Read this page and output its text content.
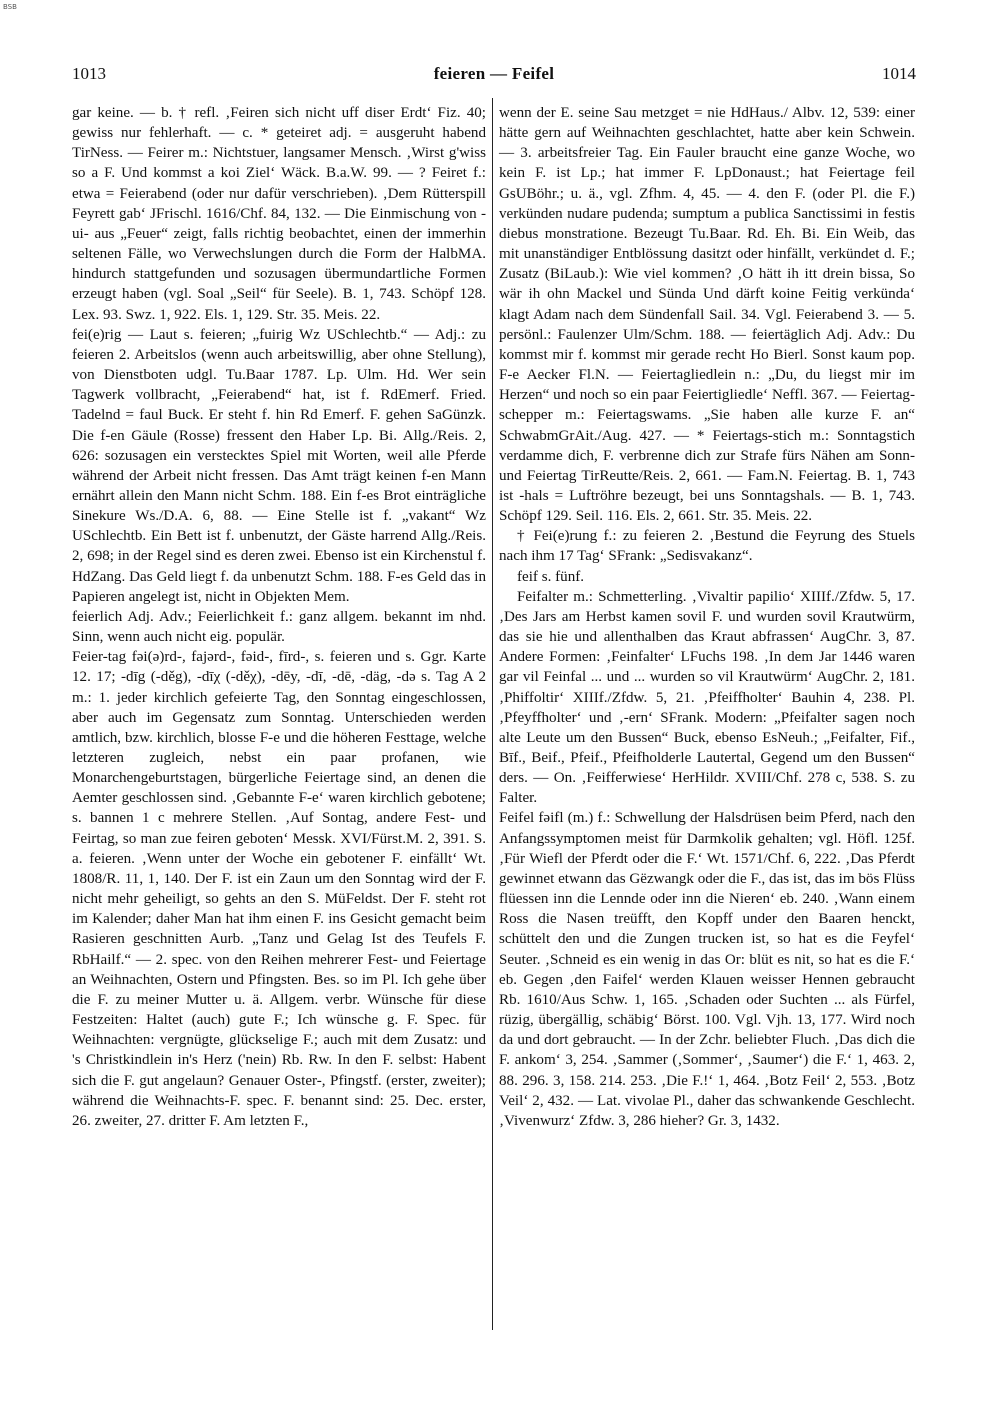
BSB
1013	feieren — Feifel	1014

gar keine. — b. † refl. ‚Feiren sich nicht uff diser Erdt‘ Fiz. 40; gewiss nur fehlerhaft. — c. * geteiret adj. = ausgeruht habend TirNess. — Feirer m.: Nichtstuer, langsamer Mensch. ‚Wirst g'wiss so a F. Und kommst a koi Ziel‘ Wäck. B.a.W. 99. — ? Feiret f.: etwa = Feierabend (oder nur dafür verschrieben). ‚Dem Rütterspill Feyrett gab‘ JFrischl. 1616/Chf. 84, 132. — Die Einmischung von -ui- aus „Feuer“ zeigt, falls richtig beobachtet, einen der immerhin seltenen Fälle, wo Verwechslungen durch die Form der HalbMA. hindurch stattgefunden und sozusagen übermundartliche Formen erzeugt haben (vgl. Soal „Seil“ für Seele). B. 1, 743. Schöpf 128. Lex. 93. Swz. 1, 922. Els. 1, 129. Str. 35. Meis. 22.

fei(e)rig — Laut s. feieren; „fuirig Wz USchlechtb.“ — Adj.: zu feieren 2. Arbeitslos (wenn auch arbeitswillig, aber ohne Stellung), von Dienstboten udgl. Tu.Baar 1787. Lp. Ulm. Hd. Wer sein Tagwerk vollbracht, „Feierabend“ hat, ist f. RdEmerf. Fried. Tadelnd = faul Buck. Er steht f. hin Rd Emerf. F. gehen SaGünzk. Die f-en Gäule (Rosse) fressent den Haber Lp. Bi. Allg./Reis. 2, 626: sozusagen ein verstecktes Spiel mit Worten, weil alle Pferde während der Arbeit nicht fressen. Das Amt trägt keinen f-en Mann ernährt allein den Mann nicht Schm. 188. Ein f-es Brot einträgliche Sinekure Ws./D.A. 6, 88. — Eine Stelle ist f. „vakant“ Wz USchlechtb. Ein Bett ist f. unbenutzt, der Gäste harrend Allg./Reis. 2, 698; in der Regel sind es deren zwei. Ebenso ist ein Kirchenstul f. HdZang. Das Geld liegt f. da unbenutzt Schm. 188. F-es Geld das in Papieren angelegt ist, nicht in Objekten Mem.

feierlich Adj. Adv.; Feierlichkeit f.: ganz allgem. bekannt im nhd. Sinn, wenn auch nicht eig. populär.

Feier-tag fəi(ə)rd-, fajərd-, fəid-, fīrd-, s. feieren und s. Ggr. Karte 12. 17; -dīg (-děg), -dīχ (-děχ), -dēy, -dī, -dē, -däg, -də s. Tag A 2 m.: 1. jeder kirchlich gefeierte Tag, den Sonntag eingeschlossen, aber auch im Gegensatz zum Sonntag. Unterschieden werden amtlich, bzw. kirchlich, blosse F-e und die höheren Festtage, welche letzteren zugleich, nebst ein paar profanen, wie Monarchengeburtstagen, bürgerliche Feiertage sind, an denen die Aemter geschlossen sind. ‚Gebannte F-e‘ waren kirchlich gebotene; s. bannen 1 c mehrere Stellen. ‚Auf Sontag, andere Fest- und Feirtag, so man zue feiren geboten‘ Messk. XVI/Fürst.M. 2, 391. S. a. feieren. ‚Wenn unter der Woche ein gebotener F. einfällt‘ Wt. 1808/R. 11, 1, 140. Der F. ist ein Zaun um den Sonntag wird der F. nicht mehr geheiligt, so gehts an den S. MüFeldst. Der F. steht rot im Kalender; daher Man hat ihm einen F. ins Gesicht gemacht beim Rasieren geschnitten Aurb. „Tanz und Gelag Ist des Teufels F. RbHailf.“ — 2. spec. von den Reihen mehrerer Fest- und Feiertage an Weihnachten, Ostern und Pfingsten. Bes. so im Pl. Ich gehe über die F. zu meiner Mutter u. ä. Allgem. verbr. Wünsche für diese Festzeiten: Haltet (auch) gute F.; Ich wünsche g. F. Spec. für Weihnachten: vergnügte, glückselige F.; auch mit dem Zusatz: und 's Christkindlein in's Herz ('nein) Rb. Rw. In den F. selbst: Habent sich die F. gut angelaun? Genauer Oster-, Pfingstf. (erster, zweiter); während die Weihnachts-F. spec. F. benannt sind: 25. Dec. erster, 26. zweiter, 27. dritter F. Am letzten F.,

wenn der E. seine Sau metzget = nie HdHaus./ Albv. 12, 539: einer hätte gern auf Weihnachten geschlachtet, hatte aber kein Schwein. — 3. arbeitsfreier Tag. Ein Fauler braucht eine ganze Woche, wo kein F. ist Lp.; hat immer F. LpDonaust.; hat Feiertage feil GsUBöhr.; u. ä., vgl. Zfhm. 4, 45. — 4. den F. (oder Pl. die F.) verkünden nudare pudenda; sumptum a publica Sanctissimi in festis diebus monstratione. Bezeugt Tu.Baar. Rd. Eh. Bi. Ein Weib, das mit unanständiger Entblössung dasitzt oder hinfällt, verkündet d. F.; Zusatz (BiLaub.): Wie viel kommen? ‚O hätt ih itt drein bissa, So wär ih ohn Mackel und Sünda Und därft koine Feitig verkünda‘ klagt Adam nach dem Sündenfall Sail. 34. Vgl. Feierabend 3. — 5. persönl.: Faulenzer Ulm/Schm. 188. — feiertäglich Adj. Adv.: Du kommst mir f. kommst mir gerade recht Ho Bierl. Sonst kaum pop. F-e Aecker Fl.N. — Feiertagliedlein n.: „Du, du liegst mir im Herzen“ und noch so ein paar Feiertigliedle‘ Neffl. 367. — Feiertag-schepper m.: Feiertagswams. „Sie haben alle kurze F. an“ SchwabmGrAit./Aug. 427. — * Feiertags-stich m.: Sonntagstich verdamme dich, F. verbrenne dich zur Strafe fürs Nähen am Sonn- und Feiertag TirReutte/Reis. 2, 661. — Fam.N. Feiertag. B. 1, 743 ist -hals = Luftröhre bezeugt, bei uns Sonntagshals. — B. 1, 743. Schöpf 129. Seil. 116. Els. 2, 661. Str. 35. Meis. 22.

† Fei(e)rung f.: zu feieren 2. ‚Bestund die Feyrung des Stuels nach ihm 17 Tag‘ SFrank: „Sedisvakanz“.

feif s. fünf.

Feifalter m.: Schmetterling. ‚Vivaltir papilio‘ XIIIf./Zfdw. 5, 17. ‚Des Jars am Herbst kamen sovil F. und wurden sovil Krautwürm, das sie hie und allenthalben das Kraut abfrassen‘ AugChr. 3, 87. Andere Formen: ‚Feinfalter‘ LFuchs 198. ‚In dem Jar 1446 waren gar vil Feinfal ... und ... wurden so vil Krautwürm‘ AugChr. 2, 181. ‚Phiffoltir‘ XIIIf./Zfdw. 5, 21. ‚Pfeiffholter‘ Bauhin 4, 238. Pl. ‚Pfeyffholter‘ und ‚-ern‘ SFrank. Modern: „Pfeifalter sagen noch alte Leute um den Bussen“ Buck, ebenso EsNeuh.; „Feifalter, Fif., Bīf., Beif., Pfeif., Pfeifholderle Lautertal, Gegend um den Bussen“ ders. — On. ‚Feifferwiese‘ HerHildr. XVIII/Chf. 278 c, 538. S. zu Falter.

Feifel fəifl (m.) f.: Schwellung der Halsdrüsen beim Pferd, nach den Anfangssymptomen meist für Darmkolik gehalten; vgl. Höfl. 125f. ‚Für Wiefl der Pferdt oder die F.‘ Wt. 1571/Chf. 6, 222. ‚Das Pferdt gewinnet etwann das Gëzwangk oder die F., das ist, das im bös Flüss flüessen inn die Lennde oder inn die Nieren‘ eb. 240. ‚Wann einem Ross die Nasen treüfft, den Kopff under den Baaren henckt, schüttelt den und die Zungen trucken ist, so hat es die Feyfel‘ Seuter. ‚Schneid es ein wenig in das Or: blüt es nit, so hat es die F.‘ eb. Gegen ‚den Faifel‘ werden Klauen weisser Hennen gebraucht Rb. 1610/Aus Schw. 1, 165. ‚Schaden oder Suchten ... als Fürfel, rüzig, übergällig, schäbig‘ Börst. 100. Vgl. Vjh. 13, 177. Wird noch da und dort gebraucht. — In der Zchr. beliebter Fluch. ‚Das dich die F. ankom‘ 3, 254. ‚Sammer (‚Sommer‘, ‚Saumer‘) die F.‘ 1, 463. 2, 88. 296. 3, 158. 214. 253. ‚Die F.!‘ 1, 464. ‚Botz Feil‘ 2, 553. ‚Botz Veil‘ 2, 432. — Lat. vivolae Pl., daher das schwankende Geschlecht. ‚Vivenwurz‘ Zfdw. 3, 286 hieher? Gr. 3, 1432.
